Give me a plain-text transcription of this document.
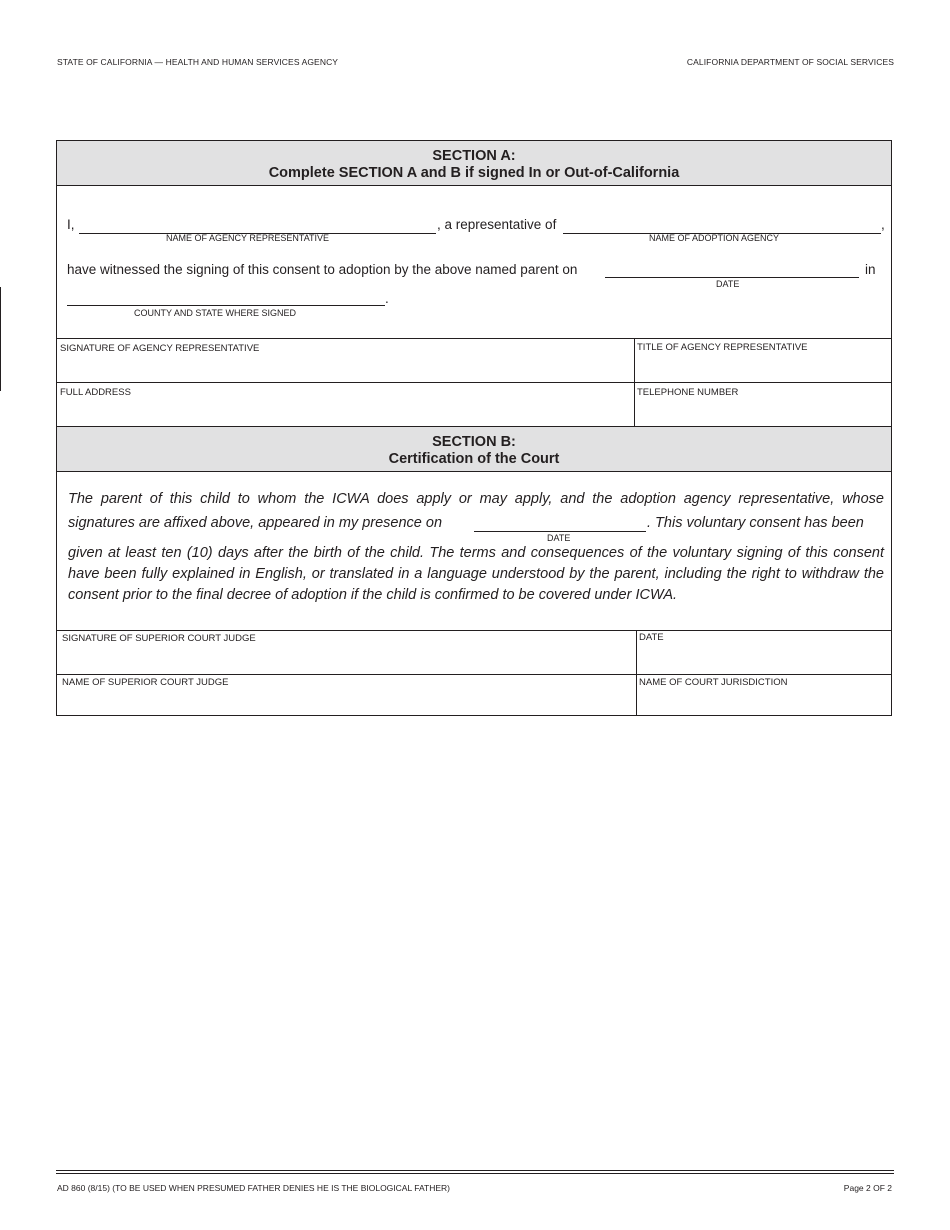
STATE OF CALIFORNIA — HEALTH AND HUMAN SERVICES AGENCY	CALIFORNIA DEPARTMENT OF SOCIAL SERVICES
SECTION A:
Complete SECTION A and B if signed In or Out-of-California
I,	, a representative of	,
NAME OF AGENCY REPRESENTATIVE	NAME OF ADOPTION AGENCY
have witnessed the signing of this consent to adoption by the above named parent on	in
DATE
.
COUNTY AND STATE WHERE SIGNED
SIGNATURE OF AGENCY REPRESENTATIVE	TITLE OF AGENCY REPRESENTATIVE
FULL ADDRESS	TELEPHONE NUMBER
SECTION B:
Certification of the Court
The parent of this child to whom the ICWA does apply or may apply, and the adoption agency representative, whose
signatures are affixed above, appeared in my presence on	. This voluntary consent has been
DATE
given at least ten (10) days after the birth of the child. The terms and consequences of the voluntary signing of this consent have been fully explained in English, or translated in a language understood by the parent, including the right to withdraw the consent prior to the final decree of adoption if the child is confirmed to be covered under ICWA.
SIGNATURE OF SUPERIOR COURT JUDGE	DATE
NAME OF SUPERIOR COURT JUDGE	NAME OF COURT JURISDICTION
AD 860 (8/15) (TO BE USED WHEN PRESUMED FATHER DENIES HE IS THE BIOLOGICAL FATHER)	Page 2 OF 2
